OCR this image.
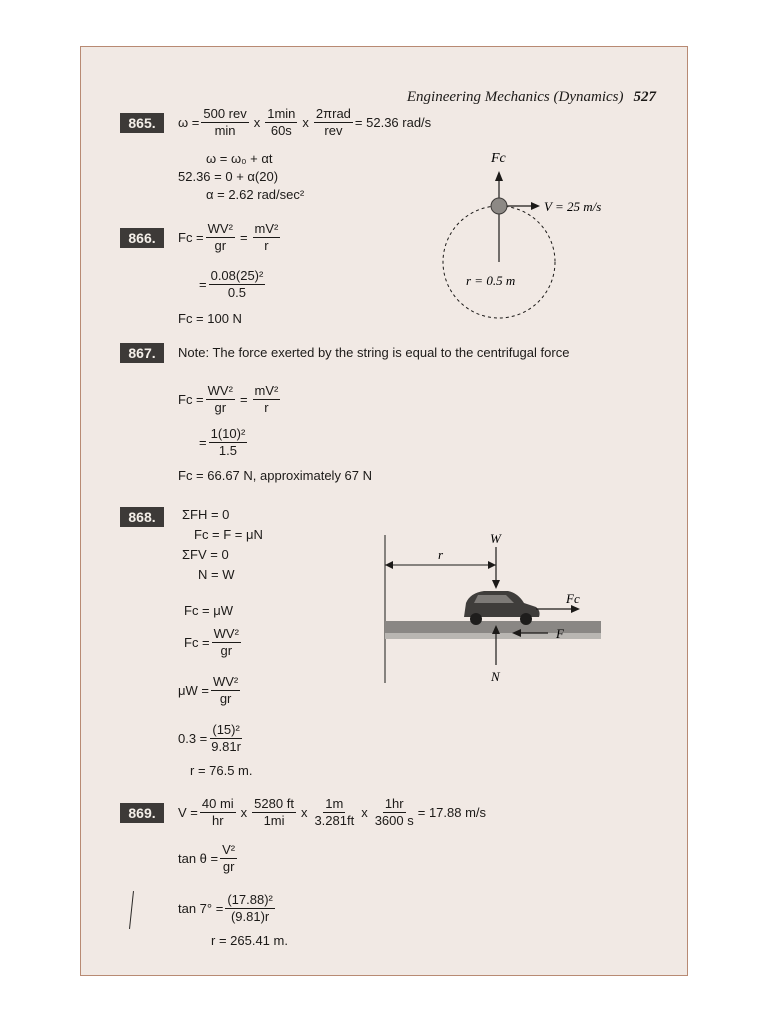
Engineering Mechanics (Dynamics) 527
865.	$\omega = \frac{\text{500 rev}}{\min}$ x $\frac{1\min}{60s}$ x $\frac{\text{2πrad}}{\text{rev}} = 52.36$ rad/s
ω = ω₀ + αt
52.36 = 0 + α(20)
α = 2.62 rad/sec²
866.	$Fc = \frac{\text{WV²}}{gr} = \frac{\text{mV²}}{r}$
= $\frac{\text{0.08(25)²}}{0.5}$
Fc = 100 N
Fc
V = 25 m/s
r = 0.5 m
867.	Note: The force exerted by the string is equal to the centrifugal force
$Fc = \frac{\text{WV²}}{gr} = \frac{\text{mV²}}{r}$
= $\frac{\text{1(10)²}}{1.5}$
Fc = 66.67 N, approximately 67 N
868.	ΣFH = 0
Fc = F = μN
ΣFV = 0
N = W
Fc = μW
$Fc = \frac{\text{WV²}}{gr}$
$\mu W = \frac{\text{WV²}}{gr}$
$0.3 = \frac{\text{(15)²}}{9.81r}$
r = 76.5 m.
r
W
Fc
F
N
869.	$V = \frac{40 mi}{hr}$ x $\frac{5280 ft}{1mi}$ x $\frac{1m}{3.281ft}$ x $\frac{1hr}{3600 s} = 17.88$ m/s
$\tan \theta = \frac{\text{V²}}{gr}$
$\tan 7^\circ = \frac{\text{(17.88)²}}{(9.81)r}$
r = 265.41 m.
